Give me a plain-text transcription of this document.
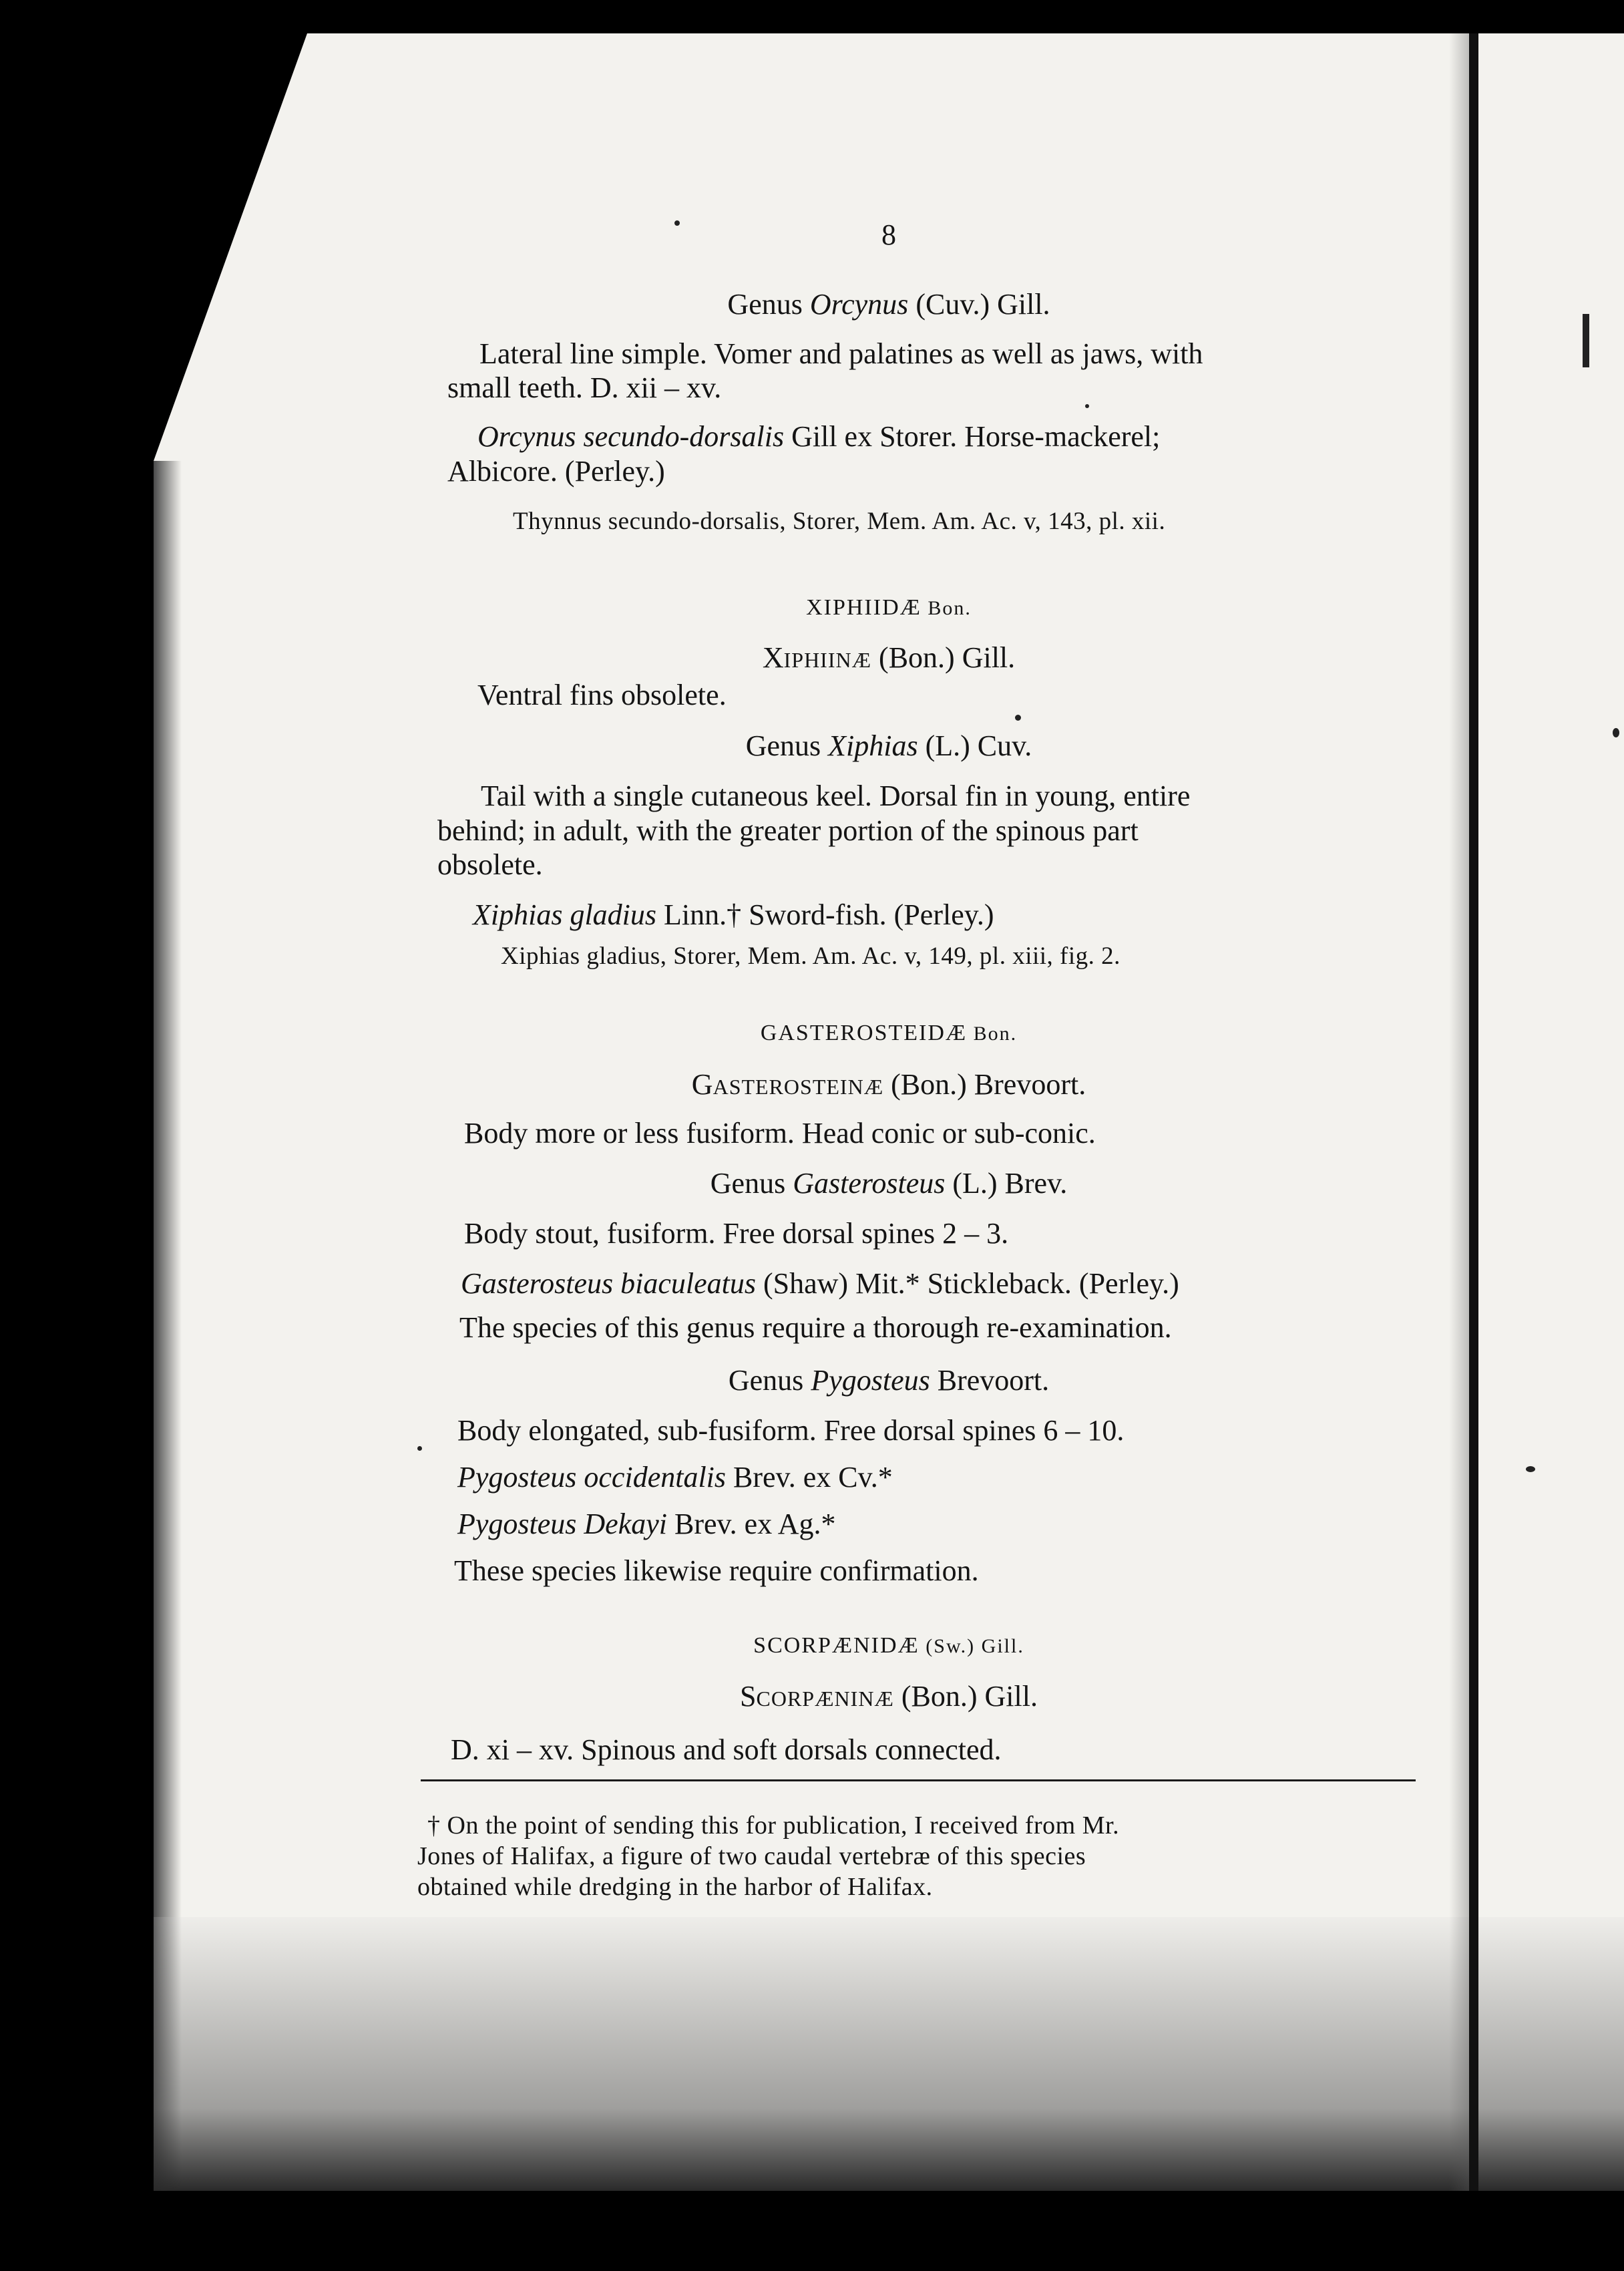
8
Genus Orcynus (Cuv.) Gill.
Lateral line simple. Vomer and palatines as well as jaws, with
small teeth. D. xii – xv.
Orcynus secundo-dorsalis Gill ex Storer. Horse-mackerel;
Albicore. (Perley.)
Thynnus secundo-dorsalis, Storer, Mem. Am. Ac. v, 143, pl. xii.
XIPHIIDÆ Bon.
XIPHIINÆ (Bon.) Gill.
Ventral fins obsolete.
Genus Xiphias (L.) Cuv.
Tail with a single cutaneous keel. Dorsal fin in young, entire
behind; in adult, with the greater portion of the spinous part
obsolete.
Xiphias gladius Linn.† Sword-fish. (Perley.)
Xiphias gladius, Storer, Mem. Am. Ac. v, 149, pl. xiii, fig. 2.
GASTEROSTEIDÆ Bon.
GASTEROSTEINÆ (Bon.) Brevoort.
Body more or less fusiform. Head conic or sub-conic.
Genus Gasterosteus (L.) Brev.
Body stout, fusiform. Free dorsal spines 2 – 3.
Gasterosteus biaculeatus (Shaw) Mit.* Stickleback. (Perley.)
The species of this genus require a thorough re-examination.
Genus Pygosteus Brevoort.
Body elongated, sub-fusiform. Free dorsal spines 6 – 10.
Pygosteus occidentalis Brev. ex Cv.*
Pygosteus Dekayi Brev. ex Ag.*
These species likewise require confirmation.
SCORPÆNIDÆ (Sw.) Gill.
SCORPÆNINÆ (Bon.) Gill.
D. xi – xv. Spinous and soft dorsals connected.
† On the point of sending this for publication, I received from Mr.
Jones of Halifax, a figure of two caudal vertebræ of this species
obtained while dredging in the harbor of Halifax.
